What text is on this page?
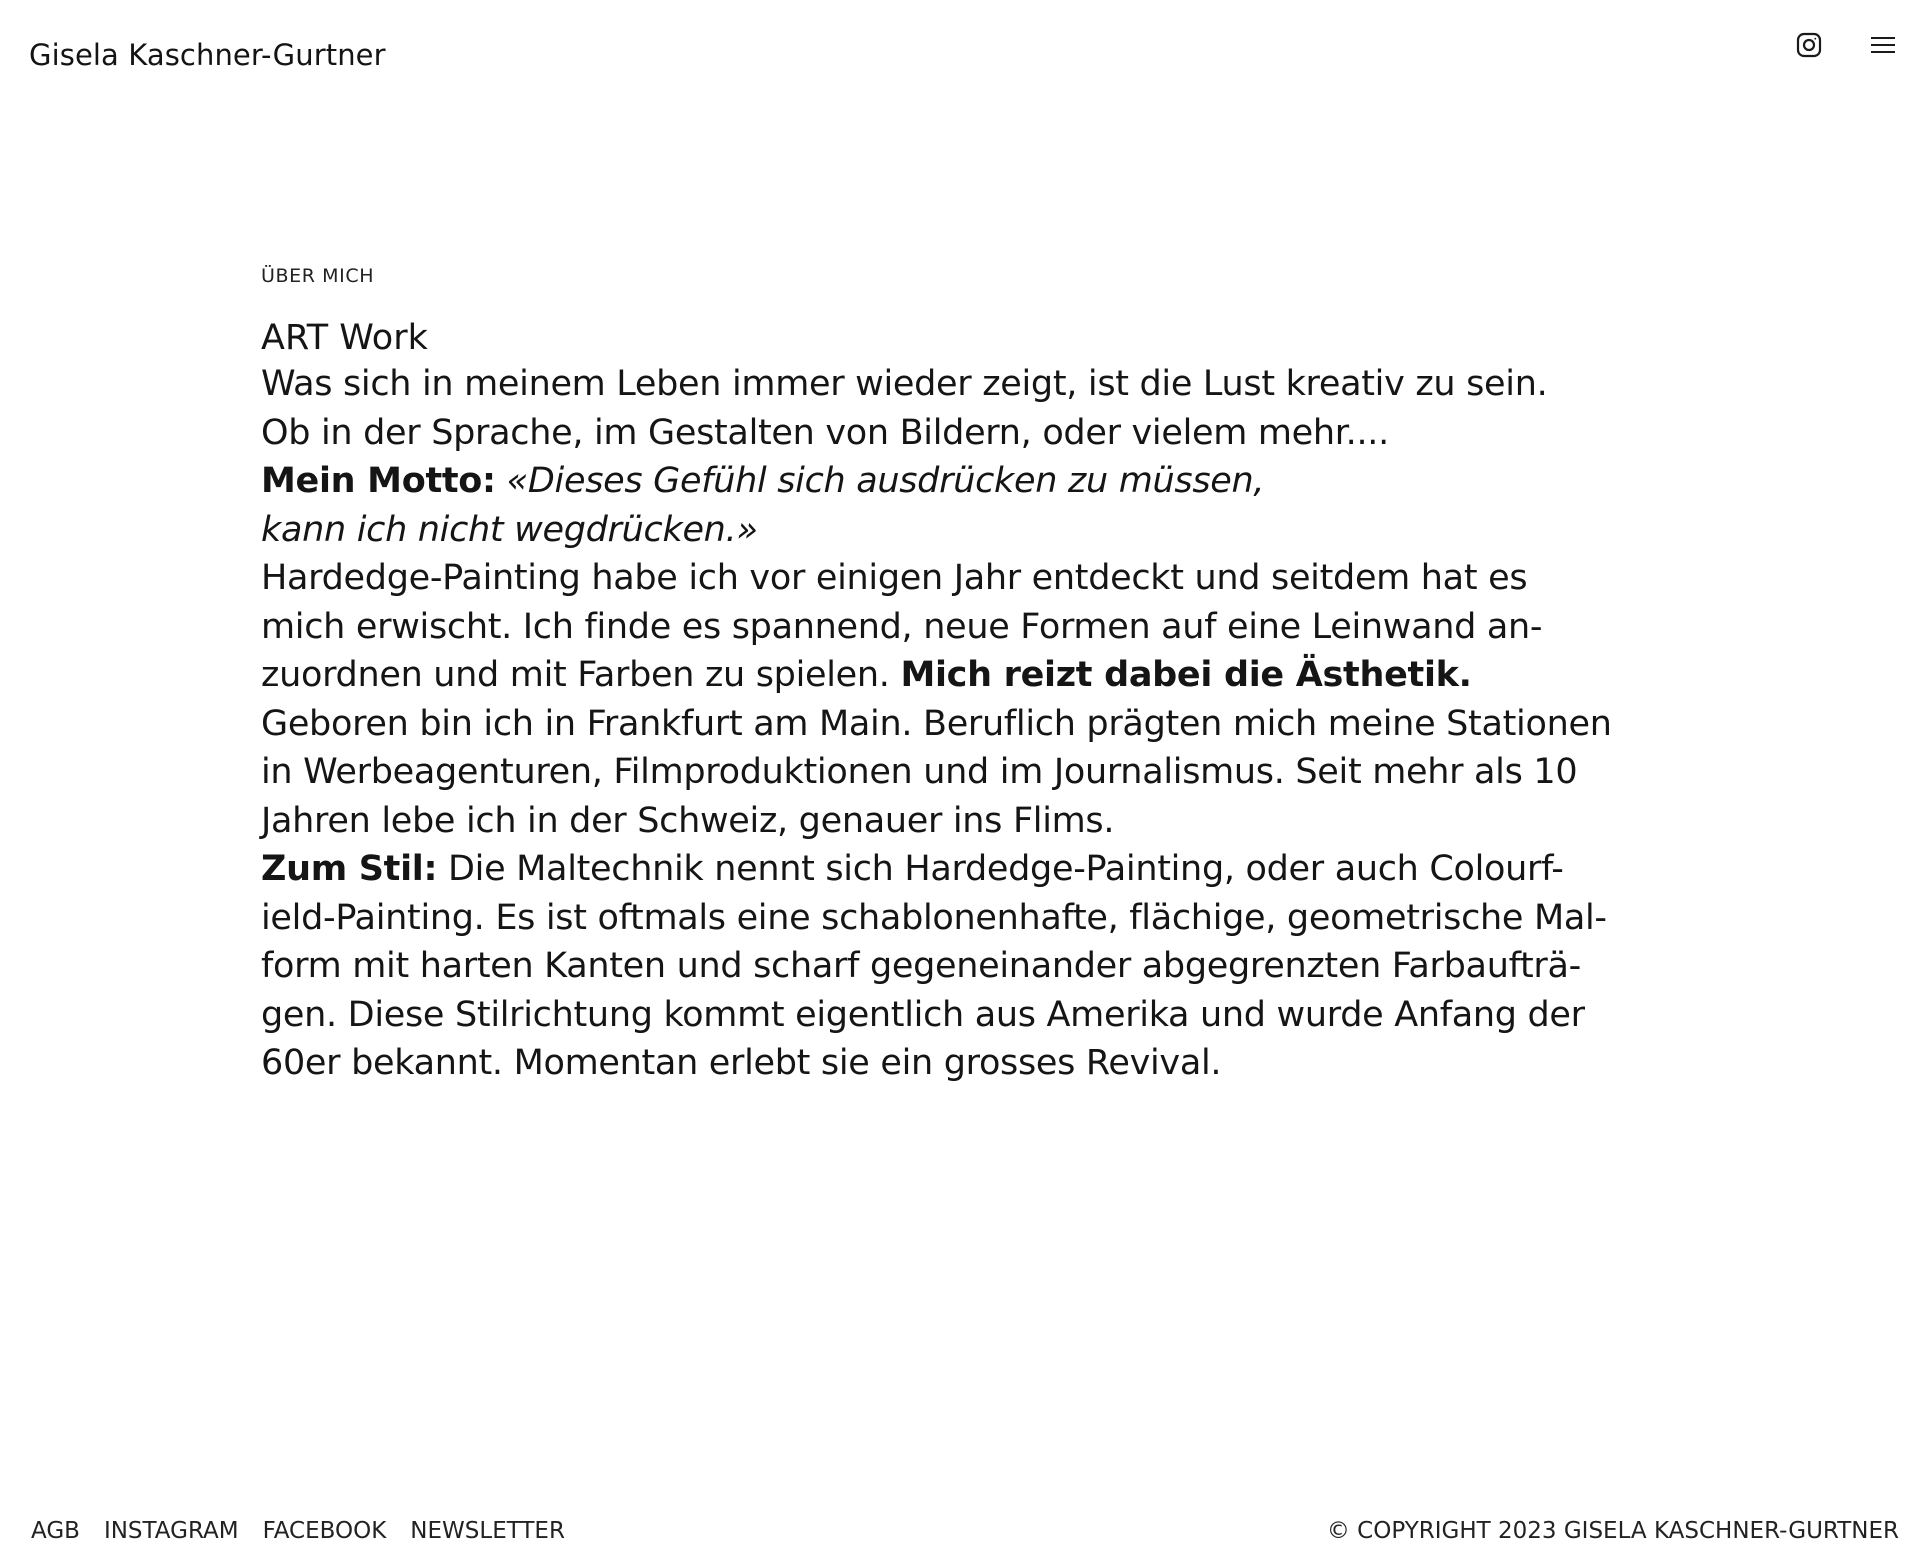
Gisela Kaschner-Gurtner

ÜBER MICH

ART Work

Was sich in meinem Leben immer wieder zeigt, ist die Lust kreativ zu sein.
Ob in der Sprache, im Gestalten von Bildern, oder vielem mehr....
Mein Motto: «Dieses Gefühl sich ausdrücken zu müssen,
kann ich nicht wegdrücken.»

Hardedge-Painting habe ich vor einigen Jahr entdeckt und seitdem hat es
mich erwischt. Ich finde es spannend, neue Formen auf eine Leinwand an-
zuordnen und mit Farben zu spielen. Mich reizt dabei die Ästhetik.

Geboren bin ich in Frankfurt am Main. Beruflich prägten mich meine Stationen
in Werbeagenturen, Filmproduktionen und im Journalismus. Seit mehr als 10
Jahren lebe ich in der Schweiz, genauer ins Flims.

Zum Stil: Die Maltechnik nennt sich Hardedge-Painting, oder auch Colourf-
ield-Painting. Es ist oftmals eine schablonenhafte, flächige, geometrische Mal-
form mit harten Kanten und scharf gegeneinander abgegrenzten Farbaufträ-
gen. Diese Stilrichtung kommt eigentlich aus Amerika und wurde Anfang der
60er bekannt. Momentan erlebt sie ein grosses Revival.

AGB INSTAGRAM FACEBOOK NEWSLETTER	© COPYRIGHT 2023 GISELA KASCHNER-GURTNER
